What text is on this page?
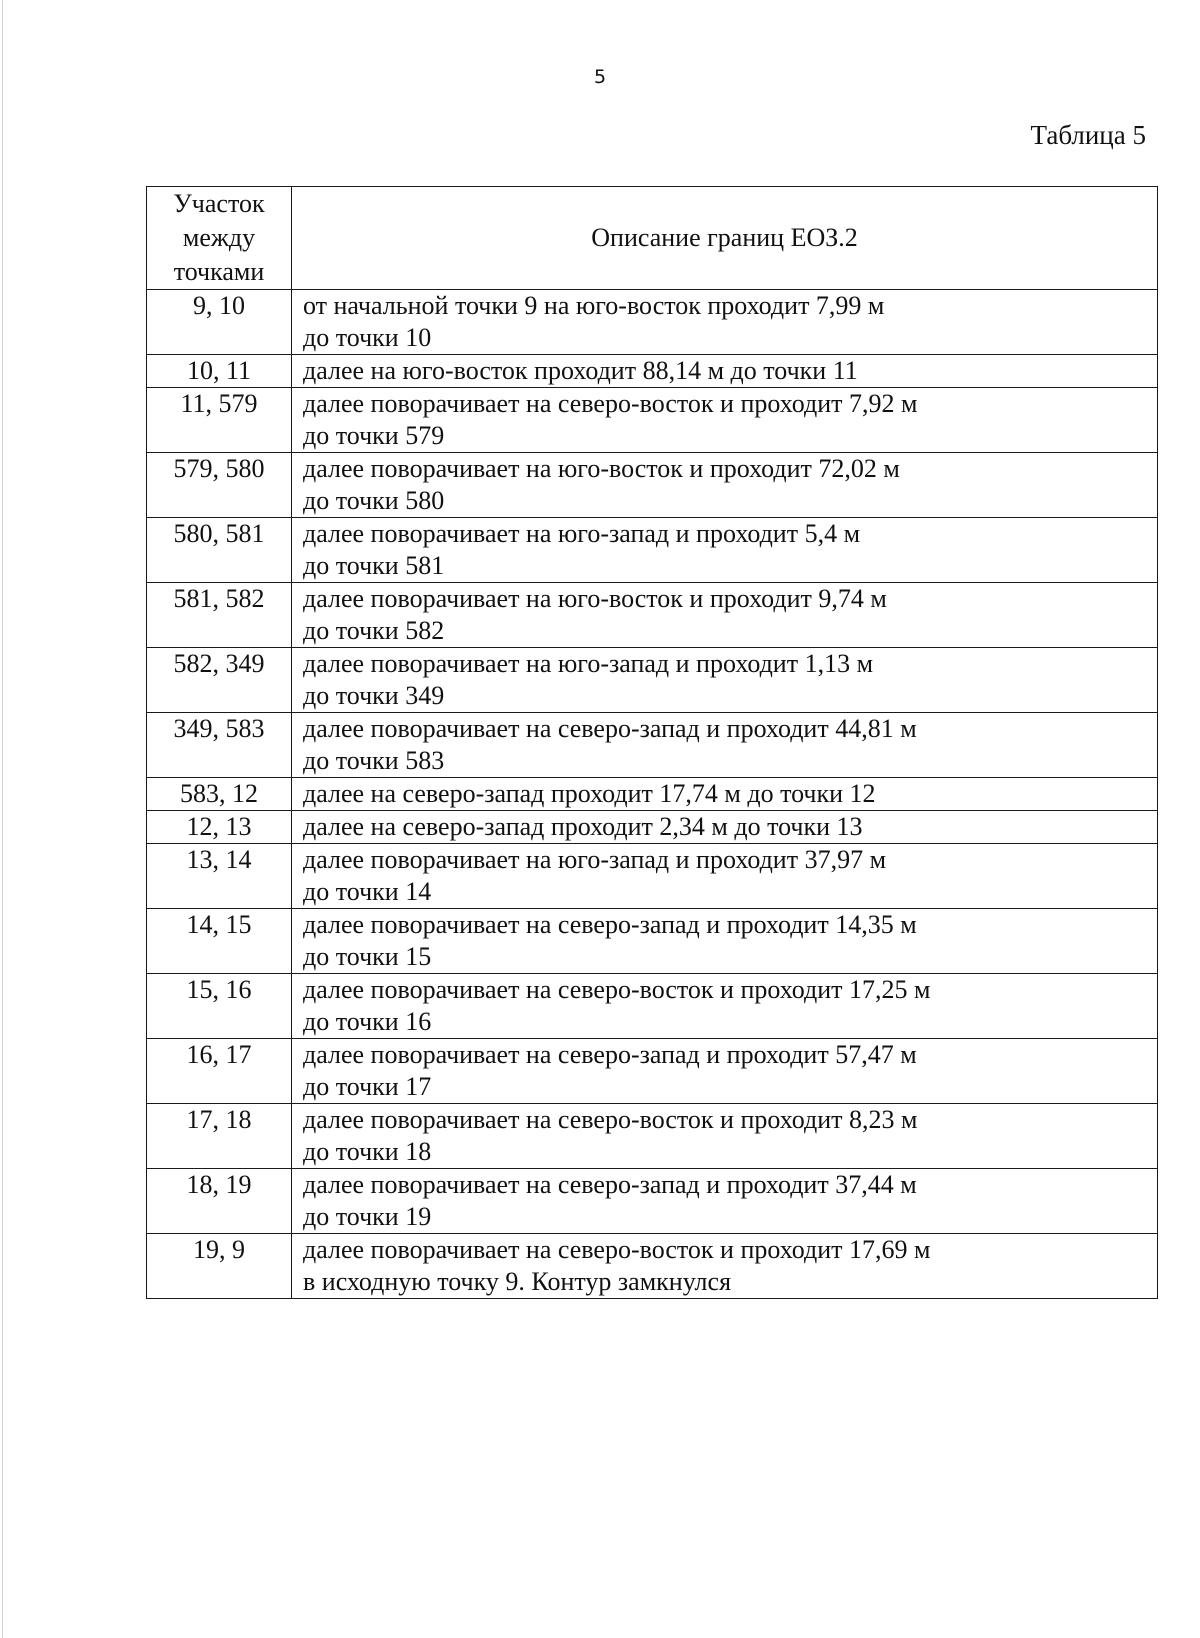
5
Таблица 5
Участок между точками	Описание границ ЕОЗ.2
9, 10	от начальной точки 9 на юго-восток проходит 7,99 м
до точки 10
10, 11	далее на юго-восток проходит 88,14 м до точки 11
11, 579	далее поворачивает на северо-восток и проходит 7,92 м
до точки 579
579, 580	далее поворачивает на юго-восток и проходит 72,02 м
до точки 580
580, 581	далее поворачивает на юго-запад и проходит 5,4 м
до точки 581
581, 582	далее поворачивает на юго-восток и проходит 9,74 м
до точки 582
582, 349	далее поворачивает на юго-запад и проходит 1,13 м
до точки 349
349, 583	далее поворачивает на северо-запад и проходит 44,81 м
до точки 583
583, 12	далее на северо-запад проходит 17,74 м до точки 12
12, 13	далее на северо-запад проходит 2,34 м до точки 13
13, 14	далее поворачивает на юго-запад и проходит 37,97 м
до точки 14
14, 15	далее поворачивает на северо-запад и проходит 14,35 м
до точки 15
15, 16	далее поворачивает на северо-восток и проходит 17,25 м
до точки 16
16, 17	далее поворачивает на северо-запад и проходит 57,47 м
до точки 17
17, 18	далее поворачивает на северо-восток и проходит 8,23 м
до точки 18
18, 19	далее поворачивает на северо-запад и проходит 37,44 м
до точки 19
19, 9	далее поворачивает на северо-восток и проходит 17,69 м
в исходную точку 9. Контур замкнулся
